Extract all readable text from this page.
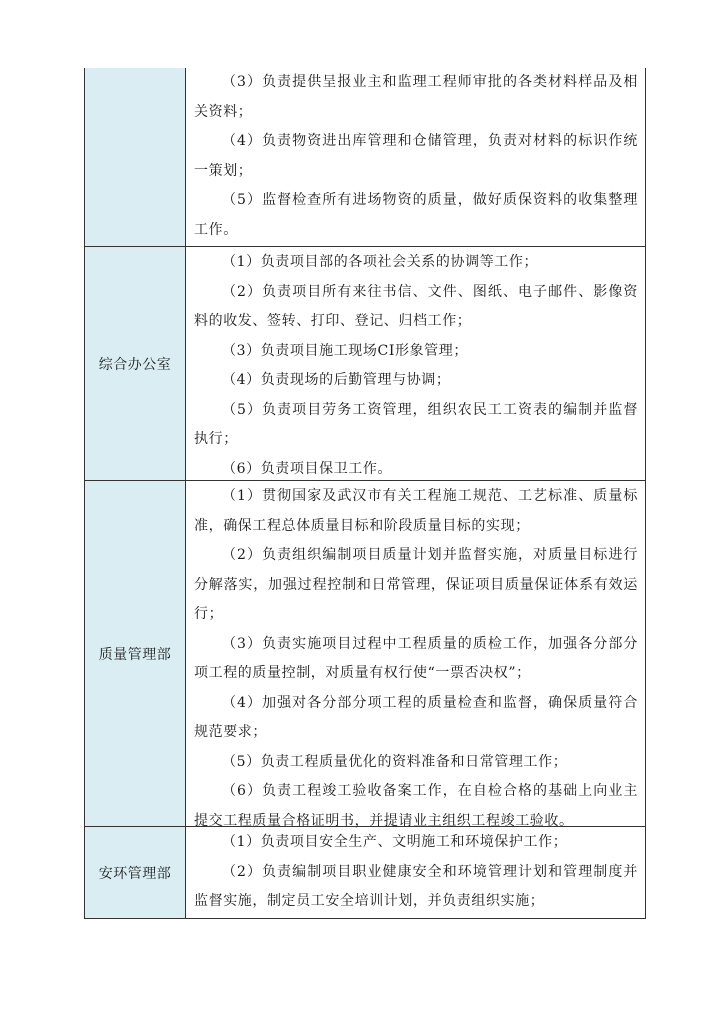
（3）负责提供呈报业主和监理工程师审批的各类材料样品及相关资料；

（4）负责物资进出库管理和仓储管理，负责对材料的标识作统一策划；

（5）监督检查所有进场物资的质量，做好质保资料的收集整理工作。

综合办公室

（1）负责项目部的各项社会关系的协调等工作；

（2）负责项目所有来往书信、文件、图纸、电子邮件、影像资料的收发、签转、打印、登记、归档工作；

（3）负责项目施工现场CI形象管理；

（4）负责现场的后勤管理与协调；

（5）负责项目劳务工资管理，组织农民工工资表的编制并监督执行；

（6）负责项目保卫工作。

质量管理部

（1）贯彻国家及武汉市有关工程施工规范、工艺标准、质量标准，确保工程总体质量目标和阶段质量目标的实现；

（2）负责组织编制项目质量计划并监督实施，对质量目标进行分解落实，加强过程控制和日常管理，保证项目质量保证体系有效运行；

（3）负责实施项目过程中工程质量的质检工作，加强各分部分项工程的质量控制，对质量有权行使“一票否决权”；

（4）加强对各分部分项工程的质量检查和监督，确保质量符合规范要求；

（5）负责工程质量优化的资料准备和日常管理工作；

（6）负责工程竣工验收备案工作，在自检合格的基础上向业主提交工程质量合格证明书，并提请业主组织工程竣工验收。

安环管理部

（1）负责项目安全生产、文明施工和环境保护工作；

（2）负责编制项目职业健康安全和环境管理计划和管理制度并监督实施，制定员工安全培训计划，并负责组织实施；
